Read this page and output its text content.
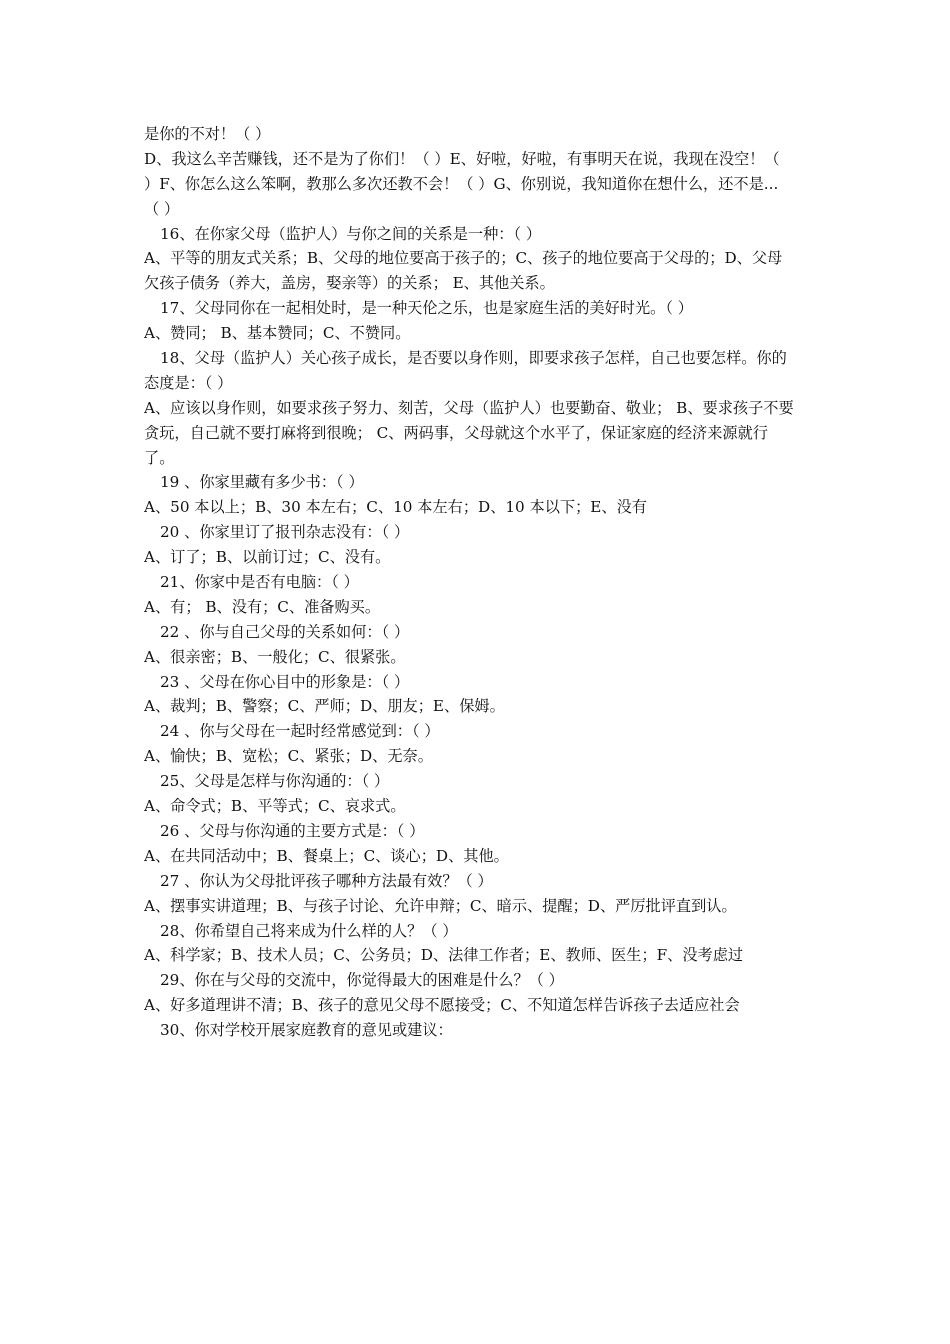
是你的不对！（ ）
D、我这么辛苦赚钱，还不是为了你们！（ ）E、好啦，好啦，有事明天在说，我现在没空！（
）F、你怎么这么笨啊，教那么多次还教不会！（ ）G、你别说，我知道你在想什么，还不是...
（ ）
16、在你家父母（监护人）与你之间的关系是一种：（ ）
A、平等的朋友式关系；B、父母的地位要高于孩子的；C、孩子的地位要高于父母的；D、父母
欠孩子债务（养大，盖房，娶亲等）的关系； E、其他关系。
17、父母同你在一起相处时，是一种天伦之乐，也是家庭生活的美好时光。（ ）
A、赞同； B、基本赞同；C、不赞同。
18、父母（监护人）关心孩子成长，是否要以身作则，即要求孩子怎样，自己也要怎样。你的
态度是：（ ）
A、应该以身作则，如要求孩子努力、刻苦，父母（监护人）也要勤奋、敬业； B、要求孩子不要
贪玩，自己就不要打麻将到很晚； C、两码事，父母就这个水平了，保证家庭的经济来源就行
了。
19 、你家里藏有多少书：（ ）
A、50 本以上；B、30 本左右；C、10 本左右；D、10 本以下；E、没有
20 、你家里订了报刊杂志没有：（ ）
A、订了；B、以前订过；C、没有。
21、你家中是否有电脑：（ ）
A、有； B、没有；C、准备购买。
22 、你与自己父母的关系如何：（ ）
A、很亲密；B、一般化；C、很紧张。
23 、父母在你心目中的形象是：（ ）
A、裁判；B、警察；C、严师；D、朋友；E、保姆。
24 、你与父母在一起时经常感觉到：（ ）
A、愉快；B、宽松；C、紧张；D、无奈。
25、父母是怎样与你沟通的：（ ）
A、命令式；B、平等式；C、哀求式。
26 、父母与你沟通的主要方式是：（ ）
A、在共同活动中；B、餐桌上；C、谈心；D、其他。
27 、你认为父母批评孩子哪种方法最有效？（ ）
A、摆事实讲道理；B、与孩子讨论、允许申辩；C、暗示、提醒；D、严厉批评直到认。
28、你希望自己将来成为什么样的人？（ ）
A、科学家；B、技术人员；C、公务员；D、法律工作者；E、教师、医生；F、没考虑过
29、你在与父母的交流中，你觉得最大的困难是什么？（ ）
A、好多道理讲不清；B、孩子的意见父母不愿接受；C、不知道怎样告诉孩子去适应社会
30、你对学校开展家庭教育的意见或建议：
